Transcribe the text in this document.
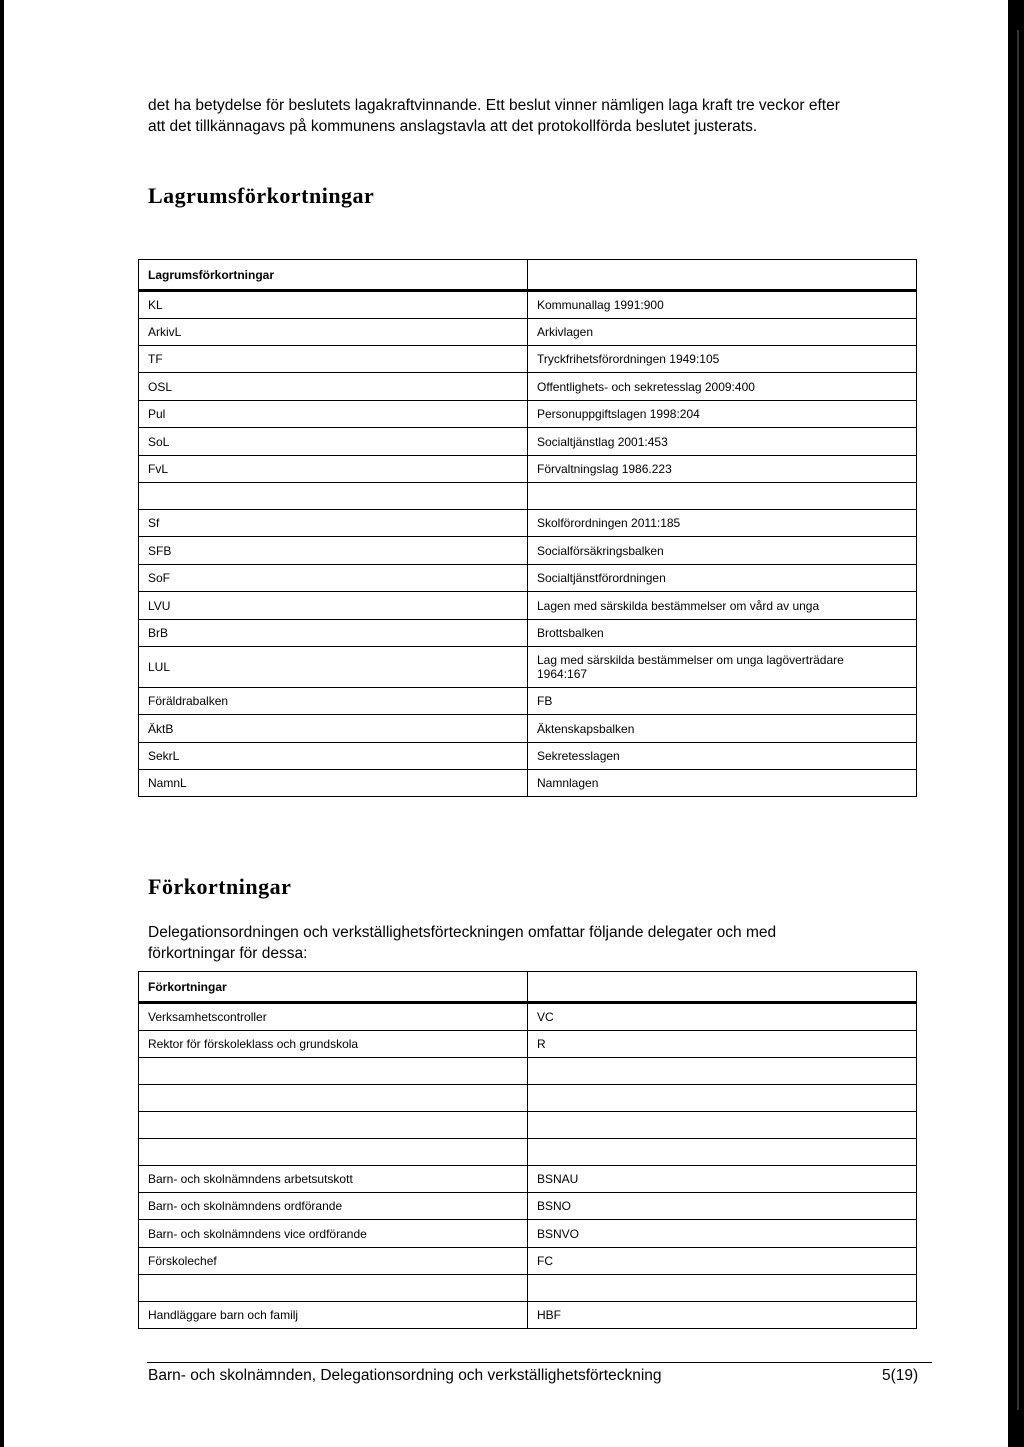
det ha betydelse för beslutets lagakraftvinnande. Ett beslut vinner nämligen laga kraft tre veckor efter
att det tillkännagavs på kommunens anslagstavla att det protokollförda beslutet justerats.
Lagrumsförkortningar
Lagrumsförkortningar	
KL	Kommunallag 1991:900
ArkivL	Arkivlagen
TF	Tryckfrihetsförordningen 1949:105
OSL	Offentlighets- och sekretesslag 2009:400
Pul	Personuppgiftslagen 1998:204
SoL	Socialtjänstlag 2001:453
FvL	Förvaltningslag 1986.223

Sf	Skolförordningen 2011:185
SFB	Socialförsäkringsbalken
SoF	Socialtjänstförordningen
LVU	Lagen med särskilda bestämmelser om vård av unga
BrB	Brottsbalken
LUL	Lag med särskilda bestämmelser om unga lagöverträdare
1964:167

Föräldrabalken	FB
ÄktB	Äktenskapsbalken
SekrL	Sekretesslagen
NamnL	Namnlagen
Förkortningar
Delegationsordningen och verkställighetsförteckningen omfattar följande delegater och med
förkortningar för dessa:
Förkortningar	
Verksamhetscontroller	VC
Rektor för förskoleklass och grundskola	R

Barn- och skolnämndens arbetsutskott	BSNAU
Barn- och skolnämndens ordförande	BSNO
Barn- och skolnämndens vice ordförande	BSNVO
Förskolechef	FC

Handläggare barn och familj	HBF
Barn- och skolnämnden, Delegationsordning och verkställighetsförteckning	5(19)
